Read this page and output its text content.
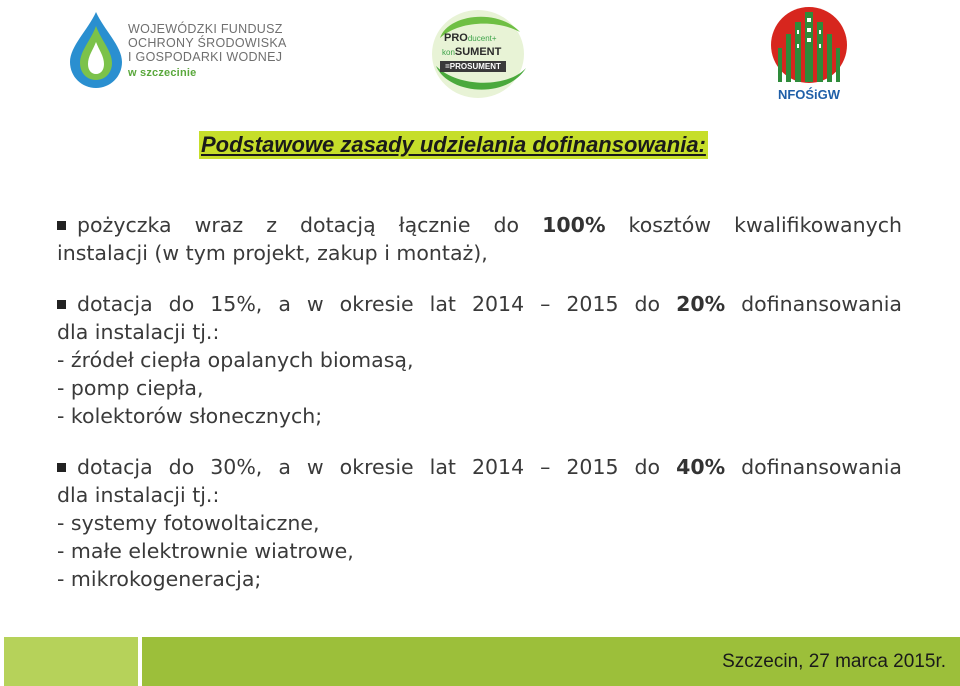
WOJEWÓDZKI FUNDUSZ
OCHRONY ŚRODOWISKA
I GOSPODARKI WODNEJ
w szczecinie
PROducent+
konSUMENT
=PROSUMENT
NFOŚiGW
Podstawowe zasady udzielania dofinansowania:
pożyczka wraz z dotacją łącznie do 100% kosztów kwalifikowanych
instalacji (w tym projekt, zakup i montaż),
dotacja do 15%, a w okresie lat 2014 – 2015 do 20% dofinansowania
dla instalacji tj.:
- źródeł ciepła opalanych biomasą,
- pomp ciepła,
- kolektorów słonecznych;
dotacja do 30%, a w okresie lat 2014 – 2015 do 40% dofinansowania
dla instalacji tj.:
- systemy fotowoltaiczne,
- małe elektrownie wiatrowe,
- mikrokogeneracja;
Szczecin, 27 marca 2015r.
